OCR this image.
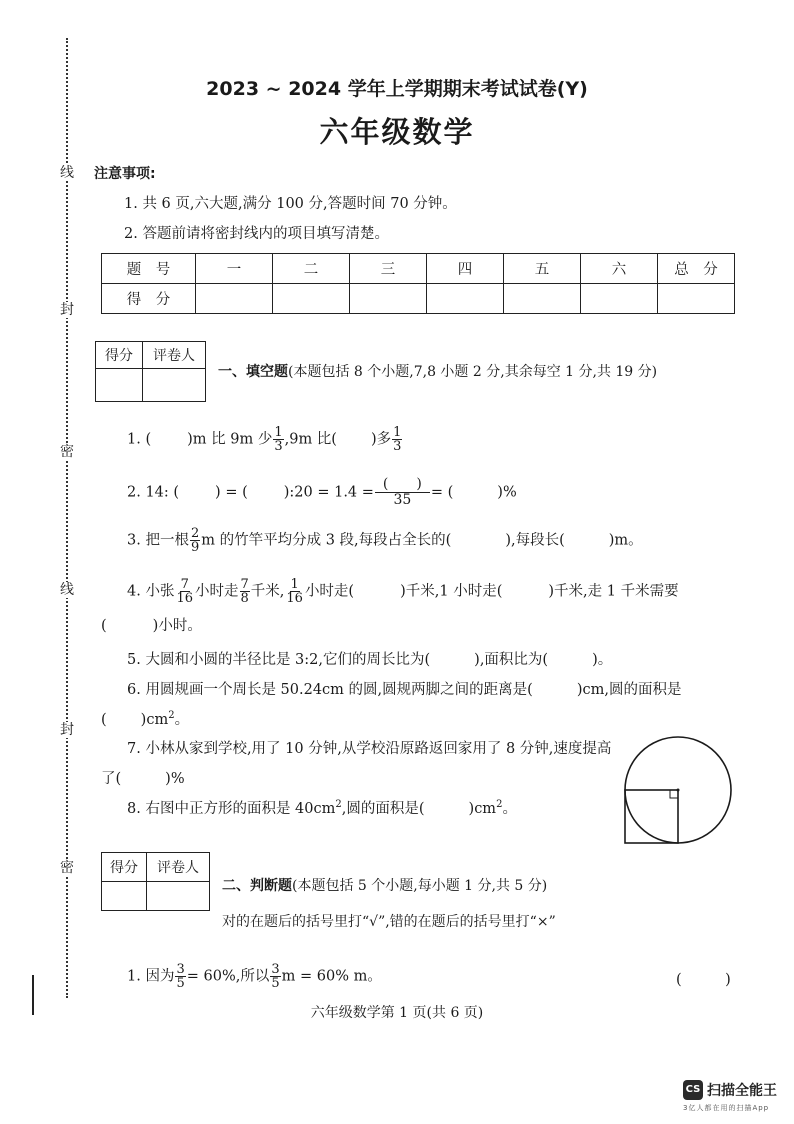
线
封
密
线
封
密
2023 ~ 2024 学年上学期期末考试试卷(Y)
六年级数学
注意事项:
1. 共 6 页,六大题,满分 100 分,答题时间 70 分钟。
2. 答题前请将密封线内的项目填写清楚。
题　号	一	二	三	四	五	六	总　分
得　分							
得分	评卷人

一、填空题(本题包括 8 个小题,7,8 小题 2 分,其余每空 1 分,共 19 分)
1. ( )m 比 9m 少 $\frac{1}{3} ,9m$ 比( )多 $\frac{1}{3}$
2. 14: ( ) = ( ):20 = $1.4 = \frac{( )}{35}$ = (	)%
3. 把一根 $\frac{2}{9}$ m 的竹竿平均分成 3 段,每段占全长的(	),每段长(	)m。
4. 小张 $\frac{7}{16}$ 小时走 $\frac{7}{8}$ 千米, $\frac{1}{16}$ 小时走(	)千米,1 小时走(	)千米,走 1 千米需要
(	)小时。
5. 大圆和小圆的半径比是 3:2,它们的周长比为(	),面积比为(	)。
6. 用圆规画一个周长是 50.24cm 的圆,圆规两脚之间的距离是(	)cm,圆的面积是
( )$cm^2$。
7. 小林从家到学校,用了 10 分钟,从学校沿原路返回家用了 8 分钟,速度提高
了(	)%
8. 右图中正方形的面积是 $40cm^2$,圆的面积是(	)$cm^2$。
得分	评卷人

二、判断题(本题包括 5 个小题,每小题 1 分,共 5 分)
对的在题后的括号里打“√”,错的在题后的括号里打“×”
1. 因为 $\frac{3}{5} = 60\%$,所以 $\frac{3}{5}$ m = 60% m。	(　　　)
六年级数学第 1 页(共 6 页)
CS 扫描全能王
3亿人都在用的扫描App
